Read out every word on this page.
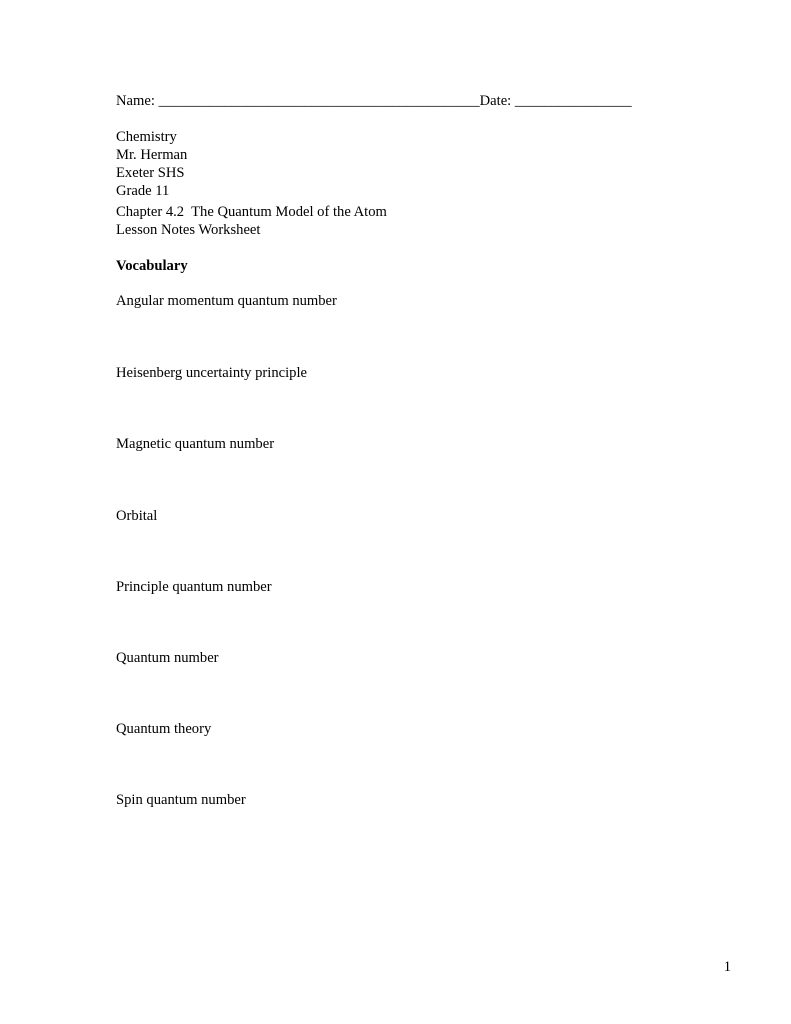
Name: ____________________________________________Date: ________________
Chemistry
Mr. Herman
Exeter SHS
Grade 11
Chapter 4.2  The Quantum Model of the Atom
Lesson Notes Worksheet
Vocabulary
Angular momentum quantum number
Heisenberg uncertainty principle
Magnetic quantum number
Orbital
Principle quantum number
Quantum number
Quantum theory
Spin quantum number
1
